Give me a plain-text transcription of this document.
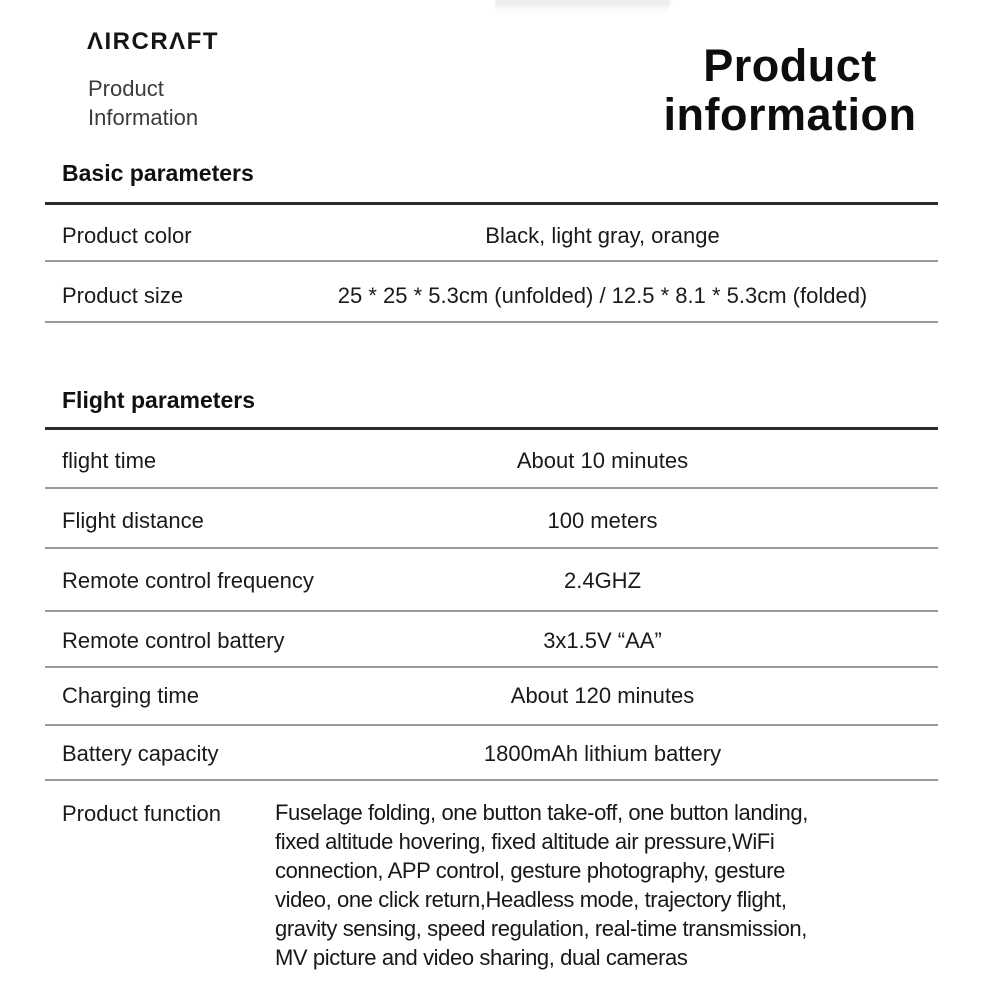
ΛIRCRΛFT
Product
Information
Product
information
Basic parameters
Product color	Black, light gray, orange
Product size	25 * 25 * 5.3cm (unfolded) / 12.5 * 8.1 * 5.3cm (folded)
Flight parameters
flight time	About 10 minutes
Flight distance	100 meters
Remote control frequency	2.4GHZ
Remote control battery	3x1.5V “AA”
Charging time	About 120 minutes
Battery capacity	1800mAh lithium battery
Product function Fuselage folding, one button take-off, one button landing,
fixed altitude hovering, fixed altitude air pressure,WiFi
connection, APP control, gesture photography, gesture
video, one click return,Headless mode, trajectory flight,
gravity sensing, speed regulation, real-time transmission,
MV picture and video sharing, dual cameras
